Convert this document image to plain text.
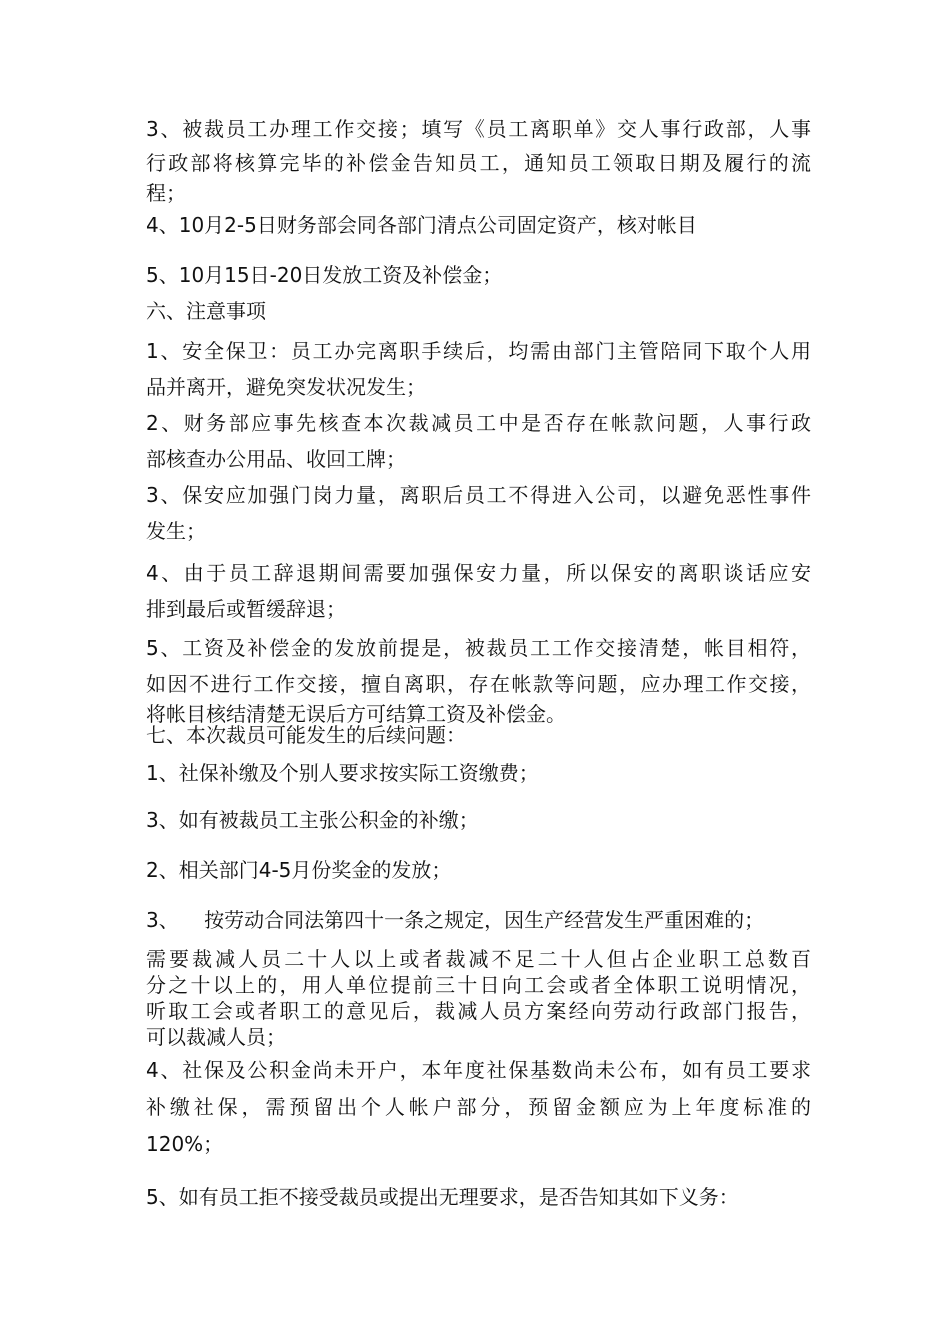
3、被裁员工办理工作交接；填写《员工离职单》交人事行政部，人事
行政部将核算完毕的补偿金告知员工，通知员工领取日期及履行的流
程；
4、10月2-5日财务部会同各部门清点公司固定资产，核对帐目
5、10月15日-20日发放工资及补偿金；
六、注意事项
1、安全保卫：员工办完离职手续后，均需由部门主管陪同下取个人用
品并离开，避免突发状况发生；
2、财务部应事先核查本次裁减员工中是否存在帐款问题，人事行政
部核查办公用品、收回工牌；
3、保安应加强门岗力量，离职后员工不得进入公司，以避免恶性事件
发生；
4、由于员工辞退期间需要加强保安力量，所以保安的离职谈话应安
排到最后或暂缓辞退；
5、工资及补偿金的发放前提是，被裁员工工作交接清楚，帐目相符，
如因不进行工作交接，擅自离职，存在帐款等问题，应办理工作交接，
将帐目核结清楚无误后方可结算工资及补偿金。
七、本次裁员可能发生的后续问题：
1、社保补缴及个别人要求按实际工资缴费；
3、如有被裁员工主张公积金的补缴；
2、相关部门4-5月份奖金的发放；
3、    按劳动合同法第四十一条之规定，因生产经营发生严重困难的；
需要裁减人员二十人以上或者裁减不足二十人但占企业职工总数百
分之十以上的，用人单位提前三十日向工会或者全体职工说明情况，
听取工会或者职工的意见后，裁减人员方案经向劳动行政部门报告，
可以裁减人员；
4、社保及公积金尚未开户，本年度社保基数尚未公布，如有员工要求
补缴社保，需预留出个人帐户部分，预留金额应为上年度标准的
120%；
5、如有员工拒不接受裁员或提出无理要求，是否告知其如下义务：
